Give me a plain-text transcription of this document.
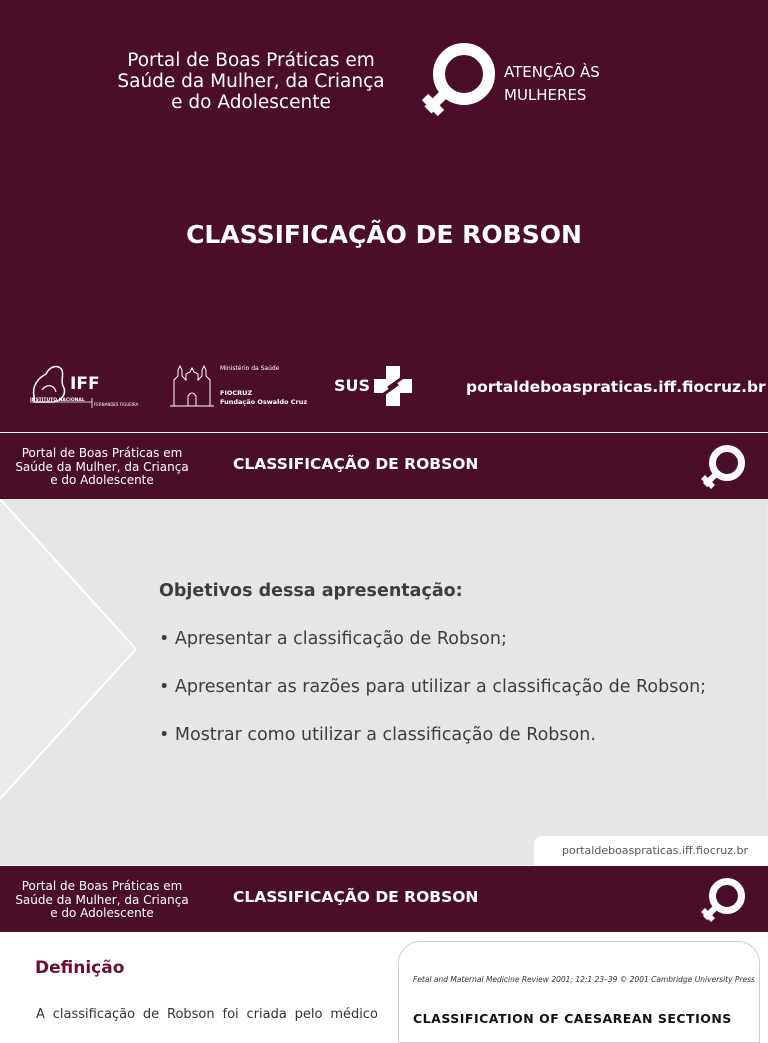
Portal de Boas Práticas em
Saúde da Mulher, da Criança
e do Adolescente
ATENÇÃO ÀS
MULHERES
CLASSIFICAÇÃO DE ROBSON
IFF
INSTITUTO NACIONAL
FERNANDES FIGUEIRA
Ministério da Saúde
FIOCRUZ
Fundação Oswaldo Cruz
SUS	portaldeboaspraticas.iff.fiocruz.br
Portal de Boas Práticas em
Saúde da Mulher, da Criança
e do Adolescente
CLASSIFICAÇÃO DE ROBSON
Objetivos dessa apresentação:
• Apresentar a classificação de Robson;
• Apresentar as razões para utilizar a classificação de Robson;
• Mostrar como utilizar a classificação de Robson.
portaldeboaspraticas.iff.fiocruz.br
Portal de Boas Práticas em
Saúde da Mulher, da Criança
e do Adolescente
CLASSIFICAÇÃO DE ROBSON
Definição
A classificação de Robson foi criada pelo médico
Fetal and Maternal Medicine Review 2001; 12:1 23–39 © 2001 Cambridge University Press
CLASSIFICATION OF CAESAREAN SECTIONS
